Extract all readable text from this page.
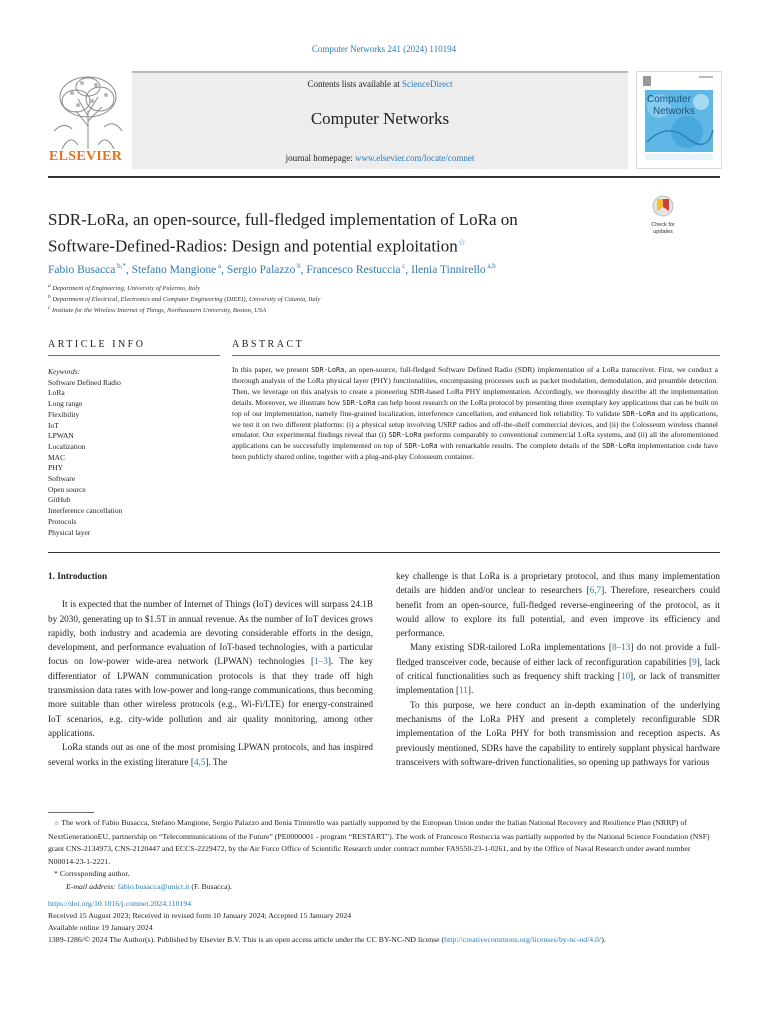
Computer Networks 241 (2024) 110194
ELSEVIER
Contents lists available at ScienceDirect
Computer Networks
journal homepage: www.elsevier.com/locate/comnet
Computer
Networks
Check for
updates
SDR-LoRa, an open-source, full-fledged implementation of LoRa on
Software-Defined-Radios: Design and potential exploitation☆
Fabio Busacca $^{b,*}$, Stefano Mangione $^a$, Sergio Palazzo $^b$, Francesco Restuccia $^c$, Ilenia Tinnirello $^{a,b}$
$^a$ Department of Engineering, University of Palermo, Italy
$^b$ Department of Electrical, Electronics and Computer Engineering (DIEEI), University of Catania, Italy
$^c$ Institute for the Wireless Internet of Things, Northeastern University, Boston, USA
ARTICLE INFO	ABSTRACT
Keywords:
Software Defined Radio
LoRa
Long range
Flexibility
IoT
LPWAN
Localization
MAC
PHY
Software
Open source
GitHub
Interference cancellation
Protocols
Physical layer
In this paper, we present SDR-LoRa, an open-source, full-fledged Software Defined Radio (SDR) implementation of a LoRa transceiver. First, we conduct a thorough analysis of the LoRa physical layer (PHY) functionalities, encompassing processes such as packet modulation, demodulation, and preamble detection. Then, we leverage on this analysis to create a pioneering SDR-based LoRa PHY implementation. Accordingly, we thoroughly describe all the implementation details. Moreover, we illustrate how SDR-LoRa can help boost research on the LoRa protocol by presenting three exemplary key applications that can be built on top of our implementation, namely fine-grained localization, interference cancellation, and enhanced link reliability. To validate SDR-LoRa and its applications, we test it on two different platforms: (i) a physical setup involving USRP radios and off-the-shelf commercial devices, and (ii) the Colosseum wireless channel emulator. Our experimental findings reveal that (i) SDR-LoRa performs comparably to conventional commercial LoRa systems, and (ii) all the aforementioned applications can be successfully implemented on top of SDR-LoRa with remarkable results. The complete details of the SDR-LoRa implementation code have been publicly shared online, together with a plug-and-play Colosseum container.
1. Introduction

It is expected that the number of Internet of Things (IoT) devices will surpass 24.1B by 2030, generating up to $1.5T in annual revenue. As the number of IoT devices grows rapidly, both industry and academia are devoting considerable efforts in the design, development, and performance evaluation of IoT-based technologies, with a particular focus on low-power wide-area network (LPWAN) technologies [1–3]. The key differentiator of LPWAN communication protocols is that they trade off high transmission data rates with low-power and long-range communications, thus becoming more suitable than other wireless protocols (e.g., Wi-Fi/LTE) for energy-constrained IoT scenarios, e.g. city-wide pollution and air quality monitoring, among other applications.

LoRa stands out as one of the most promising LPWAN protocols, and has inspired several works in the existing literature [4,5]. The

key challenge is that LoRa is a proprietary protocol, and thus many implementation details are hidden and/or unclear to researchers [6,7]. Therefore, researchers could benefit from an open-source, full-fledged reverse-engineering of the protocol, as it would allow to explore its full potential, and even improve its efficiency and performance.

Many existing SDR-tailored LoRa implementations [8–13] do not provide a full-fledged transceiver code, because of either lack of reconfiguration capabilities [9], lack of critical functionalities such as frequency shift tracking [10], or lack of transmitter implementation [11].

To this purpose, we here conduct an in-depth examination of the underlying mechanisms of the LoRa PHY and present a completely reconfigurable SDR implementation of the LoRa PHY for both transmission and reception aspects. As previously mentioned, SDRs have the capability to entirely supplant physical hardware transceivers with software-driven functionalities, so opening up pathways for various

☆ The work of Fabio Busacca, Stefano Mangione, Sergio Palazzo and Ilenia Tinnirello was partially supported by the European Union under the Italian National Recovery and Resilience Plan (NRRP) of NextGenerationEU, partnership on “Telecommunications of the Future” (PE0000001 - program “RESTART”). The work of Francesco Restuccia was partially supported by the National Science Foundation (NSF) grant CNS-2134973, CNS-2120447 and ECCS-2229472, by the Air Force Office of Scientific Research under contract number FA9550-23-1-0261, and by the Office of Naval Research under award number N00014-23-1-2221.
* Corresponding author.
E-mail address: fabio.busacca@unict.it (F. Busacca).
https://doi.org/10.1016/j.comnet.2024.110194
Received 15 August 2023; Received in revised form 10 January 2024; Accepted 15 January 2024
Available online 19 January 2024
1389-1286/© 2024 The Author(s). Published by Elsevier B.V. This is an open access article under the CC BY-NC-ND license (http://creativecommons.org/licenses/by-nc-nd/4.0/).
